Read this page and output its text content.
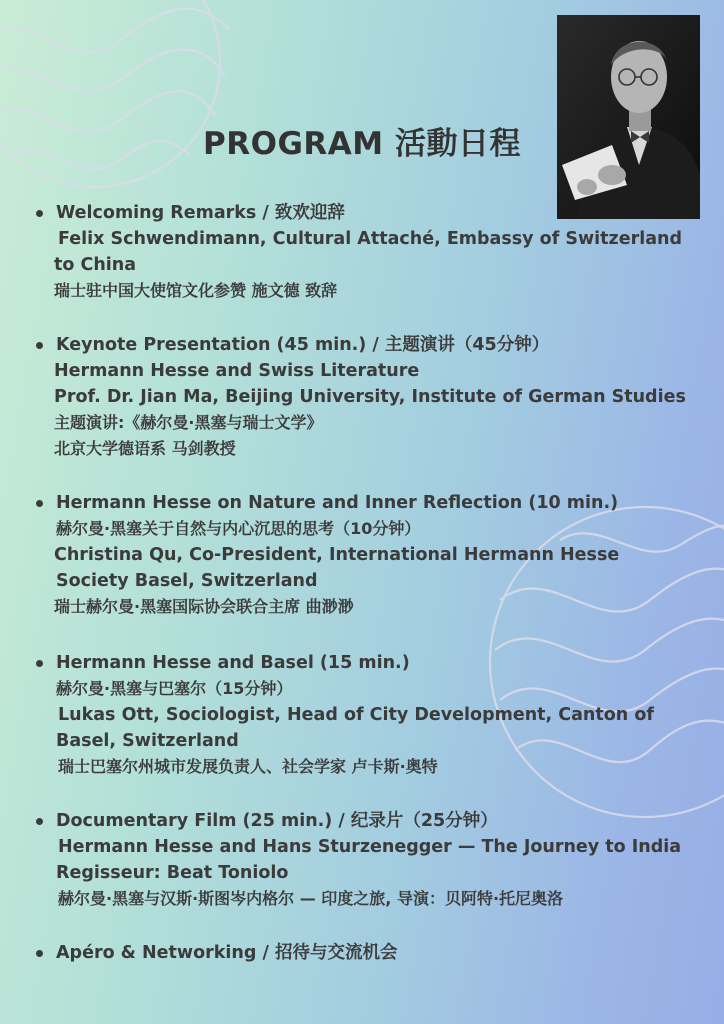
PROGRAM 活動日程
Welcoming Remarks / 致欢迎辞
Felix Schwendimann, Cultural Attaché, Embassy of Switzerland
to China
瑞士驻中国大使馆文化参赞 施文德 致辞
Keynote Presentation (45 min.) / 主题演讲（45分钟）
Hermann Hesse and Swiss Literature
Prof. Dr. Jian Ma, Beijing University, Institute of German Studies
主题演讲:《赫尔曼·黑塞与瑞士文学》
北京大学德语系 马剑教授
Hermann Hesse on Nature and Inner Reflection (10 min.)
赫尔曼·黑塞关于自然与内心沉思的思考（10分钟）
Christina Qu, Co-President, International Hermann Hesse
Society Basel, Switzerland
瑞士赫尔曼·黑塞国际协会联合主席 曲渺渺
Hermann Hesse and Basel (15 min.)
赫尔曼·黑塞与巴塞尔（15分钟）
Lukas Ott, Sociologist, Head of City Development, Canton of
Basel, Switzerland
瑞士巴塞尔州城市发展负责人、社会学家 卢卡斯·奥特
Documentary Film (25 min.) / 纪录片（25分钟）
Hermann Hesse and Hans Sturzenegger — The Journey to India
Regisseur: Beat Toniolo
赫尔曼·黑塞与汉斯·斯图岑内格尔 — 印度之旅, 导演：贝阿特·托尼奥洛
Apéro & Networking / 招待与交流机会
